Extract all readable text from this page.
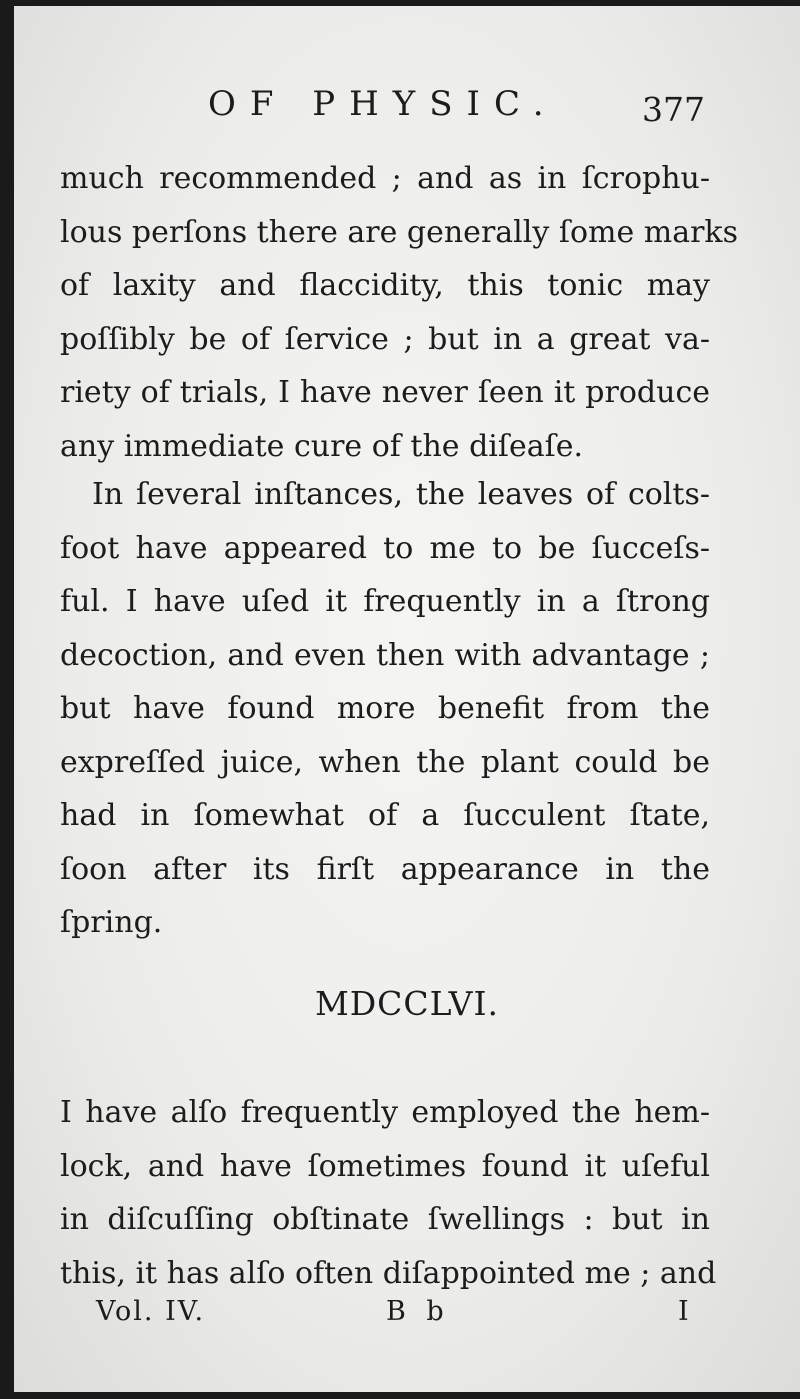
OF PHYSIC.	377
much recommended ; and as in ſcrophu-
lous perſons there are generally ſome marks
of laxity and flaccidity, this tonic may
poſſibly be of ſervice ; but in a great va-
riety of trials, I have never ſeen it produce
any immediate cure of the diſeaſe.
In ſeveral inſtances, the leaves of colts-
foot have appeared to me to be ſucceſs-
ful. I have uſed it frequently in a ſtrong
decoction, and even then with advantage ;
but have found more benefit from the
expreſſed juice, when the plant could be
had in ſomewhat of a ſucculent ſtate,
ſoon after its firſt appearance in the
ſpring.
MDCCLVI.
I have alſo frequently employed the hem-
lock, and have ſometimes found it uſeful
in diſcuſſing obſtinate ſwellings : but in
this, it has alſo often diſappointed me ; and
Vol. IV.	B b	I
